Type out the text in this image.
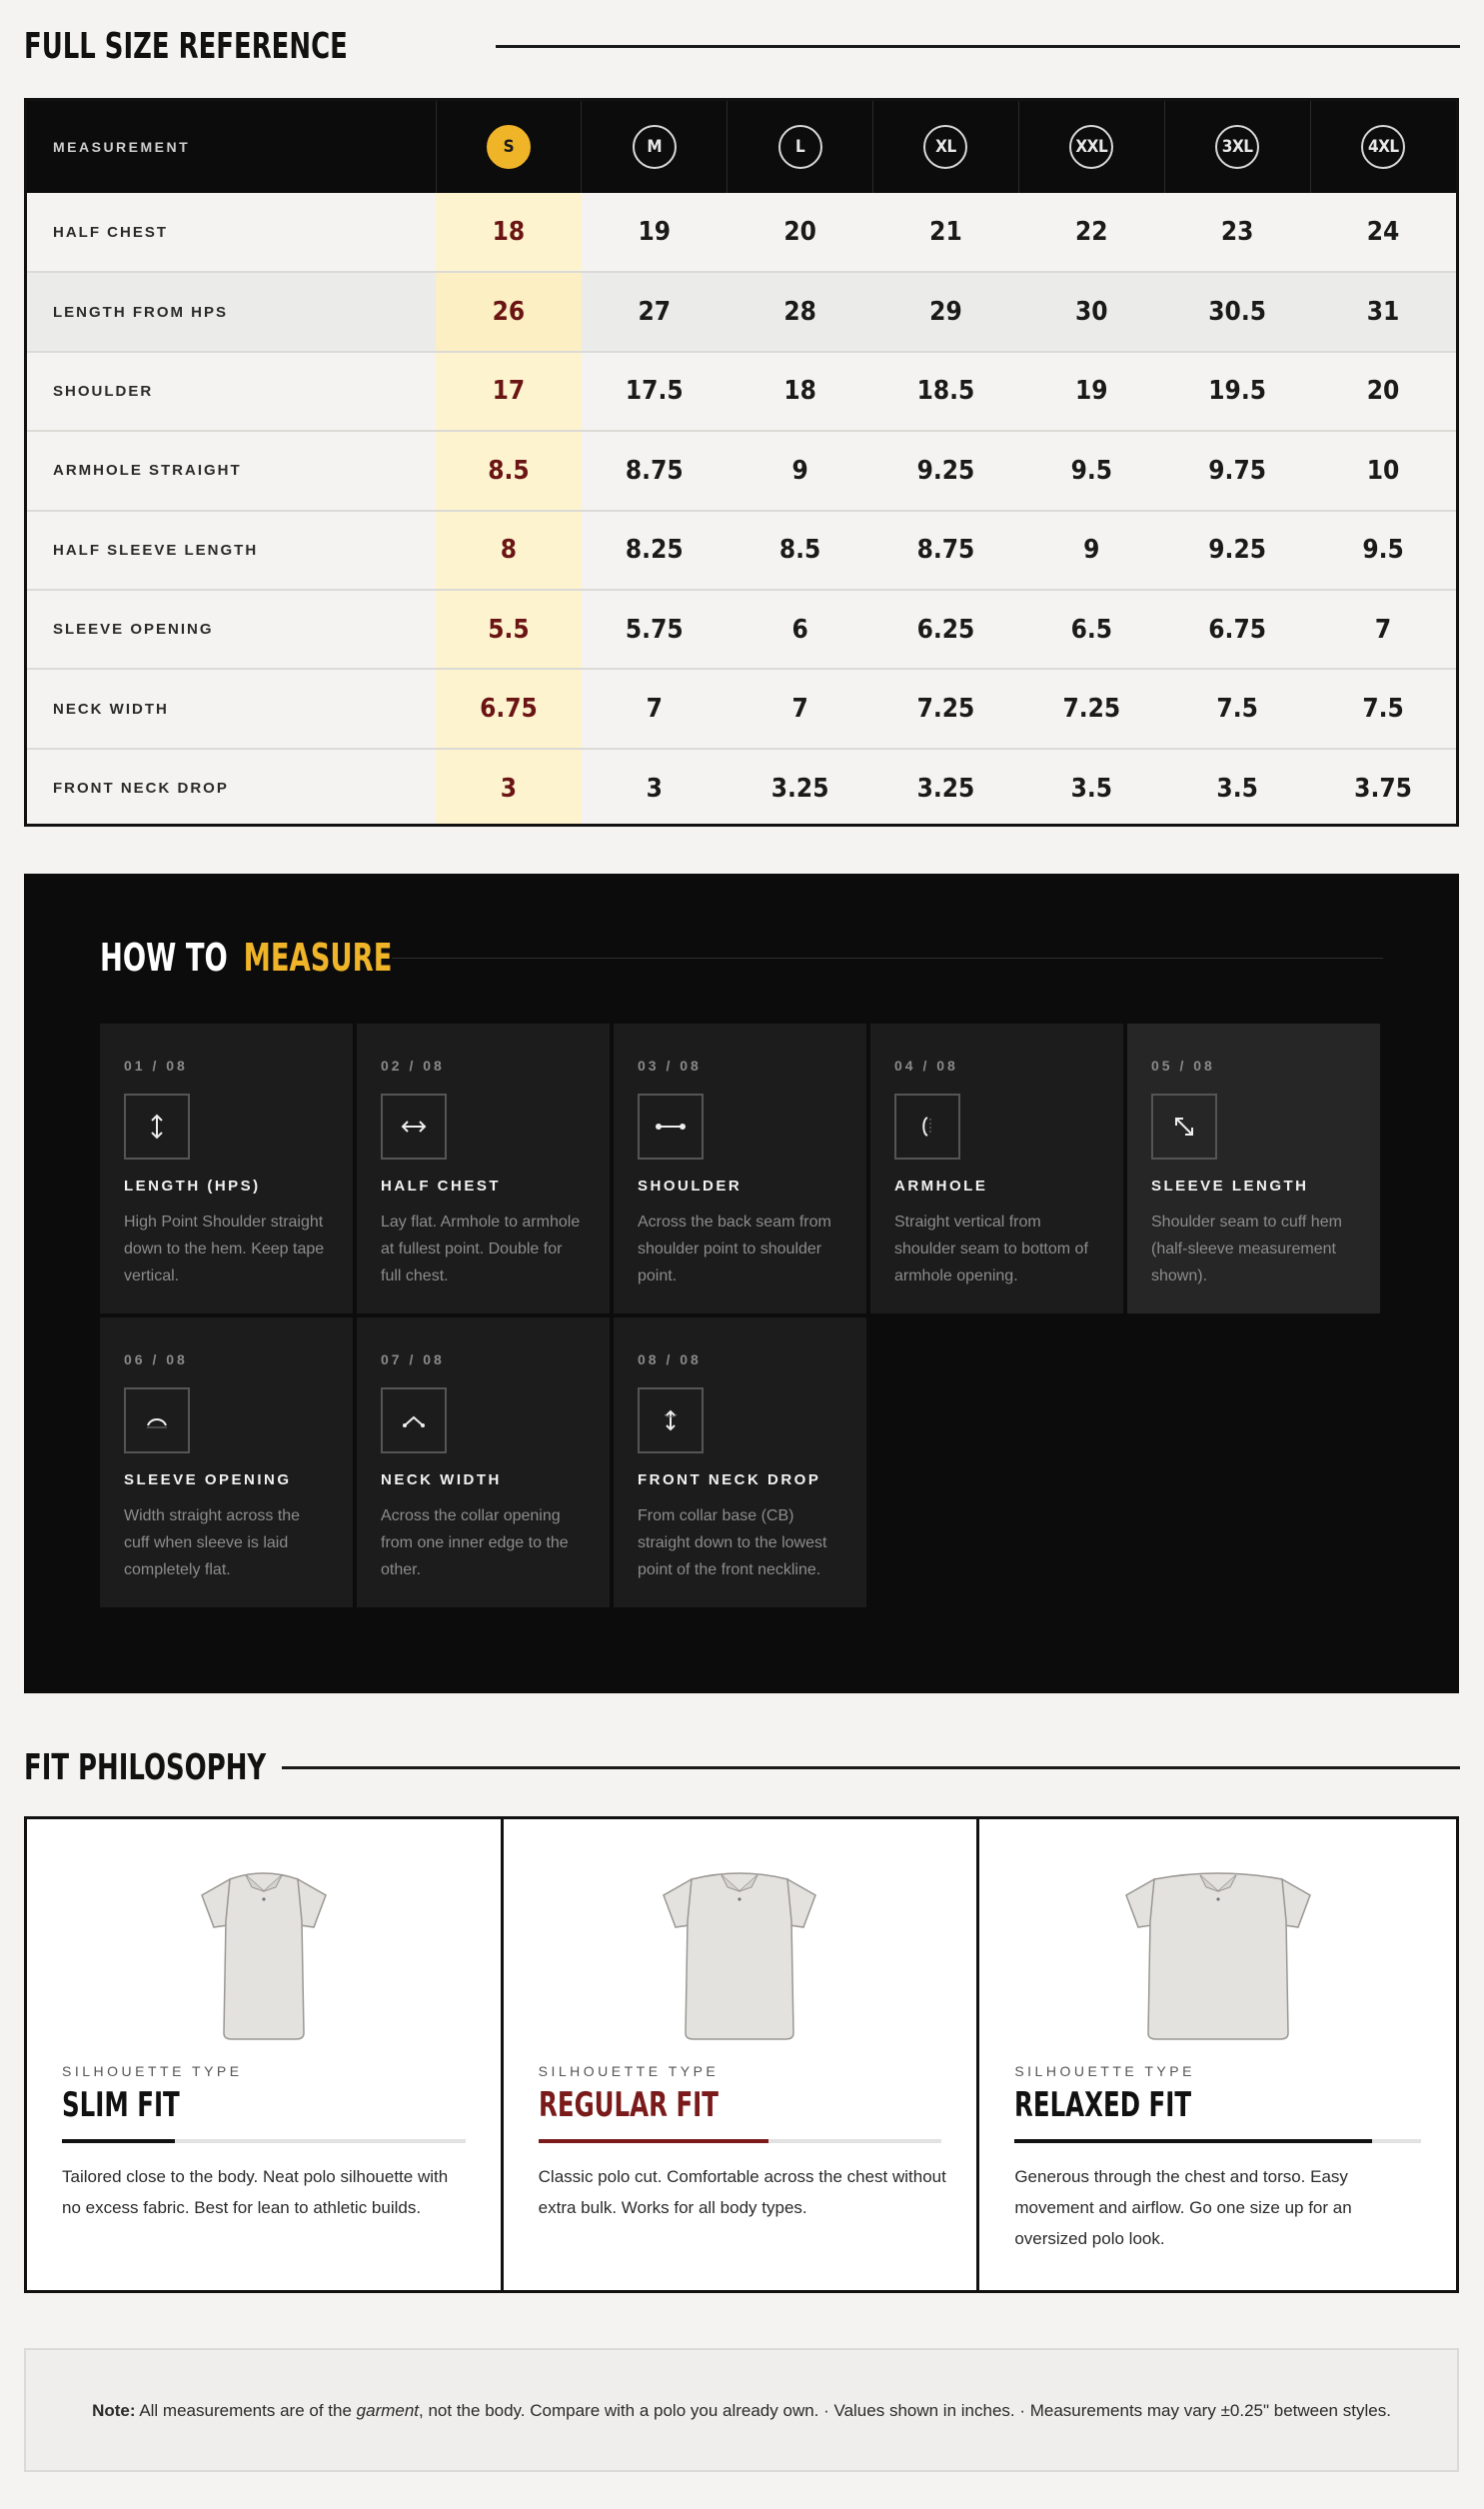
FULL SIZE REFERENCE
MEASUREMENT	S	M	L	XL	XXL	3XL	4XL
HALF CHEST	18	19	20	21	22	23	24
LENGTH FROM HPS	26	27	28	29	30	30.5	31
SHOULDER	17	17.5	18	18.5	19	19.5	20
ARMHOLE STRAIGHT	8.5	8.75	9	9.25	9.5	9.75	10
HALF SLEEVE LENGTH	8	8.25	8.5	8.75	9	9.25	9.5
SLEEVE OPENING	5.5	5.75	6	6.25	6.5	6.75	7
NECK WIDTH	6.75	7	7	7.25	7.25	7.5	7.5
FRONT NECK DROP	3	3	3.25	3.25	3.5	3.5	3.75
HOW TO MEASURE
01 / 08
LENGTH (HPS)
High Point Shoulder straight down to the hem. Keep tape vertical.
02 / 08
HALF CHEST
Lay flat. Armhole to armhole at fullest point. Double for full chest.
03 / 08
SHOULDER
Across the back seam from shoulder point to shoulder point.
04 / 08
ARMHOLE
Straight vertical from shoulder seam to bottom of armhole opening.
05 / 08
SLEEVE LENGTH
Shoulder seam to cuff hem (half-sleeve measurement shown).
06 / 08
SLEEVE OPENING
Width straight across the cuff when sleeve is laid completely flat.
07 / 08
NECK WIDTH
Across the collar opening from one inner edge to the other.
08 / 08
FRONT NECK DROP
From collar base (CB) straight down to the lowest point of the front neckline.
FIT PHILOSOPHY
SILHOUETTE TYPE
SLIM FIT
Tailored close to the body. Neat polo silhouette with no excess fabric. Best for lean to athletic builds.
SILHOUETTE TYPE
REGULAR FIT
Classic polo cut. Comfortable across the chest without extra bulk. Works for all body types.
SILHOUETTE TYPE
RELAXED FIT
Generous through the chest and torso. Easy movement and airflow. Go one size up for an oversized polo look.
Note: All measurements are of the garment, not the body. Compare with a polo you already own. · Values shown in inches. · Measurements may vary ±0.25" between styles.
